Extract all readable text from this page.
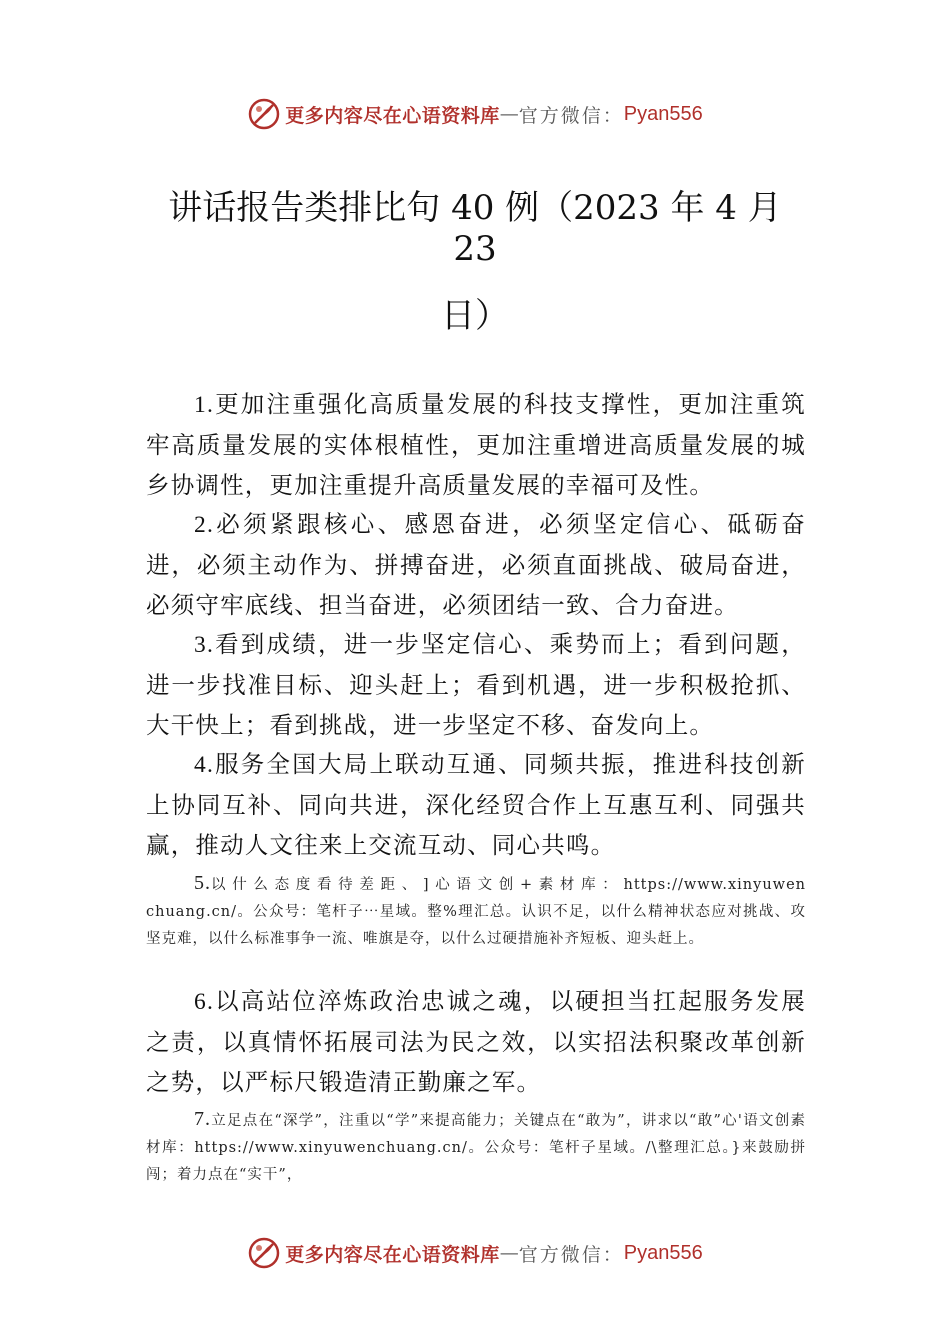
更多内容尽在心语资料库 — 官方微信： Pyan556
讲话报告类排比句 40 例（2023 年 4 月
23
日）

1.更加注重强化高质量发展的科技支撑性，更加注重筑牢高质量发展的实体根植性，更加注重增进高质量发展的城乡协调性，更加注重提升高质量发展的幸福可及性。

2.必须紧跟核心、感恩奋进，必须坚定信心、砥砺奋进，必须主动作为、拼搏奋进，必须直面挑战、破局奋进，必须守牢底线、担当奋进，必须团结一致、合力奋进。

3.看到成绩，进一步坚定信心、乘势而上；看到问题，进一步找准目标、迎头赶上；看到机遇，进一步积极抢抓、大干快上；看到挑战，进一步坚定不移、奋发向上。

4.服务全国大局上联动互通、同频共振，推进科技创新上协同互补、同向共进，深化经贸合作上互惠互利、同强共赢，推动人文往来上交流互动、同心共鸣。

5.以 什 么 态 度 看 待 差 距 、 ] 心 语 文 创 + 素 材 库 ： https://www.xinyuwenchuang.cn/。公众号：笔杆子⋯星域。整%理汇总。认识不足，以什么精神状态应对挑战、攻坚克难，以什么标准事争一流、唯旗是夺，以什么过硬措施补齐短板、迎头赶上。

6.以高站位淬炼政治忠诚之魂，以硬担当扛起服务发展之责，以真情怀拓展司法为民之效，以实招法积聚改革创新之势，以严标尺锻造清正勤廉之军。

7.立足点在“深学”，注重以“学”来提高能力；关键点在“敢为”，讲求以“敢”心'语文创素材库：https://www.xinyuwenchuang.cn/。公众号：笔杆子星域。/\整理汇总。}来鼓励拼闯；着力点在“实干”，

更多内容尽在心语资料库 — 官方微信： Pyan556
